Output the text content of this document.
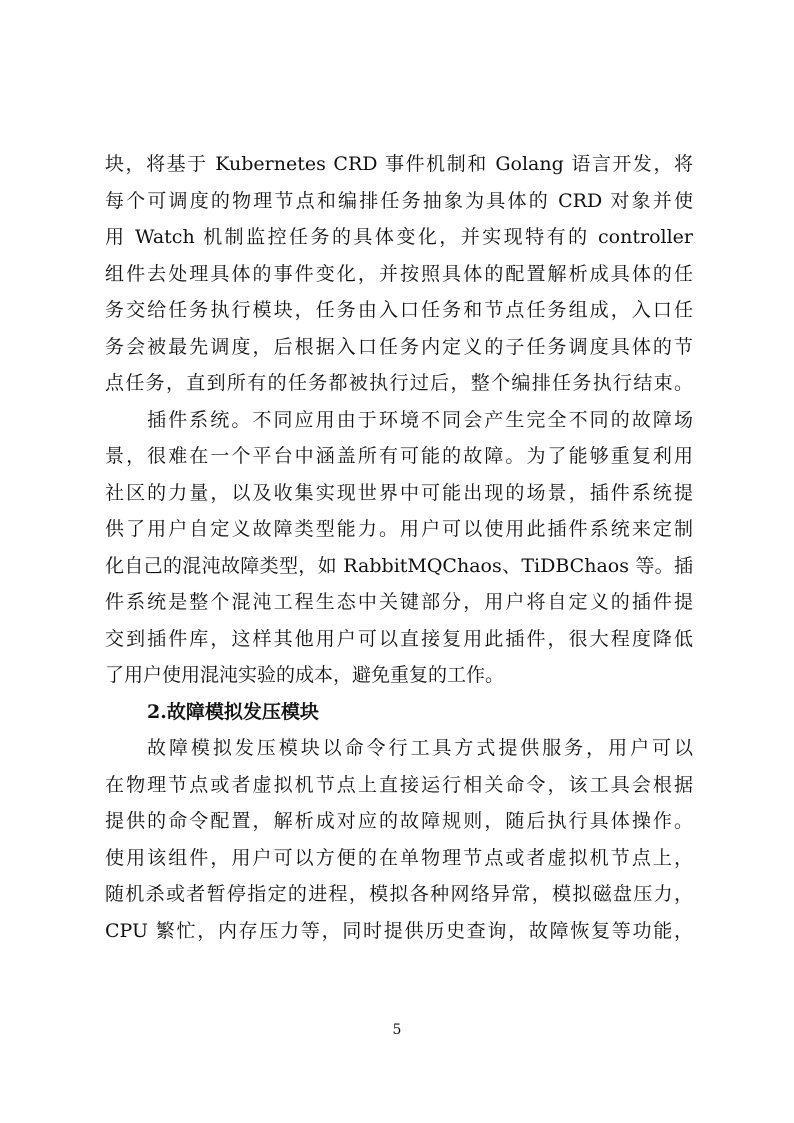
块，将基于 Kubernetes CRD 事件机制和 Golang 语言开发，将
每个可调度的物理节点和编排任务抽象为具体的 CRD 对象并使
用 Watch 机制监控任务的具体变化，并实现特有的 controller
组件去处理具体的事件变化，并按照具体的配置解析成具体的任
务交给任务执行模块，任务由入口任务和节点任务组成，入口任
务会被最先调度，后根据入口任务内定义的子任务调度具体的节
点任务，直到所有的任务都被执行过后，整个编排任务执行结束。
插件系统。不同应用由于环境不同会产生完全不同的故障场
景，很难在一个平台中涵盖所有可能的故障。为了能够重复利用
社区的力量，以及收集实现世界中可能出现的场景，插件系统提
供了用户自定义故障类型能力。用户可以使用此插件系统来定制
化自己的混沌故障类型，如 RabbitMQChaos、TiDBChaos 等。插
件系统是整个混沌工程生态中关键部分，用户将自定义的插件提
交到插件库，这样其他用户可以直接复用此插件，很大程度降低
了用户使用混沌实验的成本，避免重复的工作。
2.故障模拟发压模块
故障模拟发压模块以命令行工具方式提供服务，用户可以
在物理节点或者虚拟机节点上直接运行相关命令，该工具会根据
提供的命令配置，解析成对应的故障规则，随后执行具体操作。
使用该组件，用户可以方便的在单物理节点或者虚拟机节点上，
随机杀或者暂停指定的进程，模拟各种网络异常，模拟磁盘压力，
CPU 繁忙，内存压力等，同时提供历史查询，故障恢复等功能，
5
